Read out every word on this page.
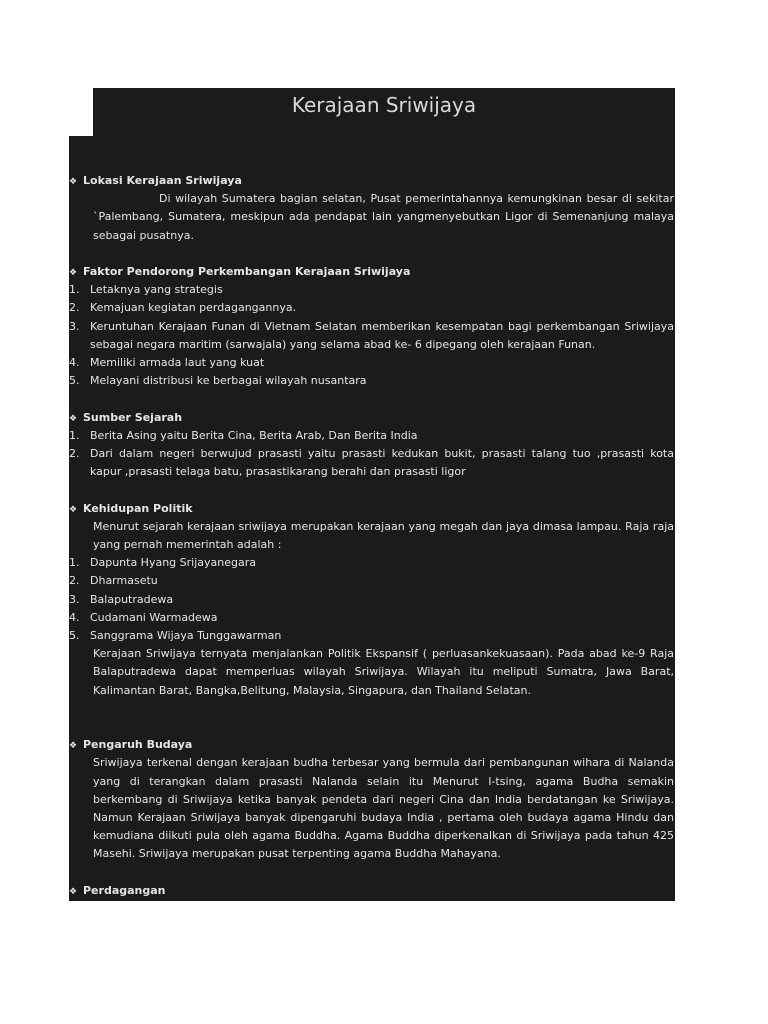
Kerajaan Sriwijaya
❖ Lokasi Kerajaan Sriwijaya
Di wilayah Sumatera bagian selatan, Pusat pemerintahannya kemungkinan besar di sekitar `Palembang, Sumatera, meskipun ada pendapat lain yangmenyebutkan Ligor di Semenanjung malaya sebagai pusatnya.
❖ Faktor Pendorong Perkembangan Kerajaan Sriwijaya
1. Letaknya yang strategis
2. Kemajuan kegiatan perdagangannya.
3. Keruntuhan Kerajaan Funan di Vietnam Selatan memberikan kesempatan bagi perkembangan Sriwijaya sebagai negara maritim (sarwajala) yang selama abad ke- 6 dipegang oleh kerajaan Funan.
4. Memiliki armada laut yang kuat
5. Melayani distribusi ke berbagai wilayah nusantara
❖ Sumber Sejarah
1. Berita Asing yaitu Berita Cina, Berita Arab, Dan Berita India
2. Dari dalam negeri berwujud prasasti yaitu prasasti kedukan bukit, prasasti talang tuo ,prasasti kota kapur ,prasasti telaga batu, prasastikarang berahi dan prasasti ligor
❖ Kehidupan Politik
Menurut sejarah kerajaan sriwijaya merupakan kerajaan yang megah dan jaya dimasa lampau. Raja raja yang pernah memerintah adalah :
1. Dapunta Hyang Srijayanegara
2. Dharmasetu
3. Balaputradewa
4. Cudamani Warmadewa
5. Sanggrama Wijaya Tunggawarman
Kerajaan Sriwijaya ternyata menjalankan Politik Ekspansif ( perluasankekuasaan). Pada abad ke-9 Raja Balaputradewa dapat memperluas wilayah Sriwijaya. Wilayah itu meliputi Sumatra, Jawa Barat, Kalimantan Barat, Bangka,Belitung, Malaysia, Singapura, dan Thailand Selatan.
❖ Pengaruh Budaya
Sriwijaya terkenal dengan kerajaan budha terbesar yang bermula dari pembangunan wihara di Nalanda yang di terangkan dalam prasasti Nalanda selain itu Menurut I-tsing, agama Budha semakin berkembang di Sriwijaya ketika banyak pendeta dari negeri Cina dan India berdatangan ke Sriwijaya. Namun Kerajaan Sriwijaya banyak dipengaruhi budaya India , pertama oleh budaya agama Hindu dan kemudiana diikuti pula oleh agama Buddha. Agama Buddha diperkenalkan di Sriwijaya pada tahun 425 Masehi. Sriwijaya merupakan pusat terpenting agama Buddha Mahayana.
❖ Perdagangan
